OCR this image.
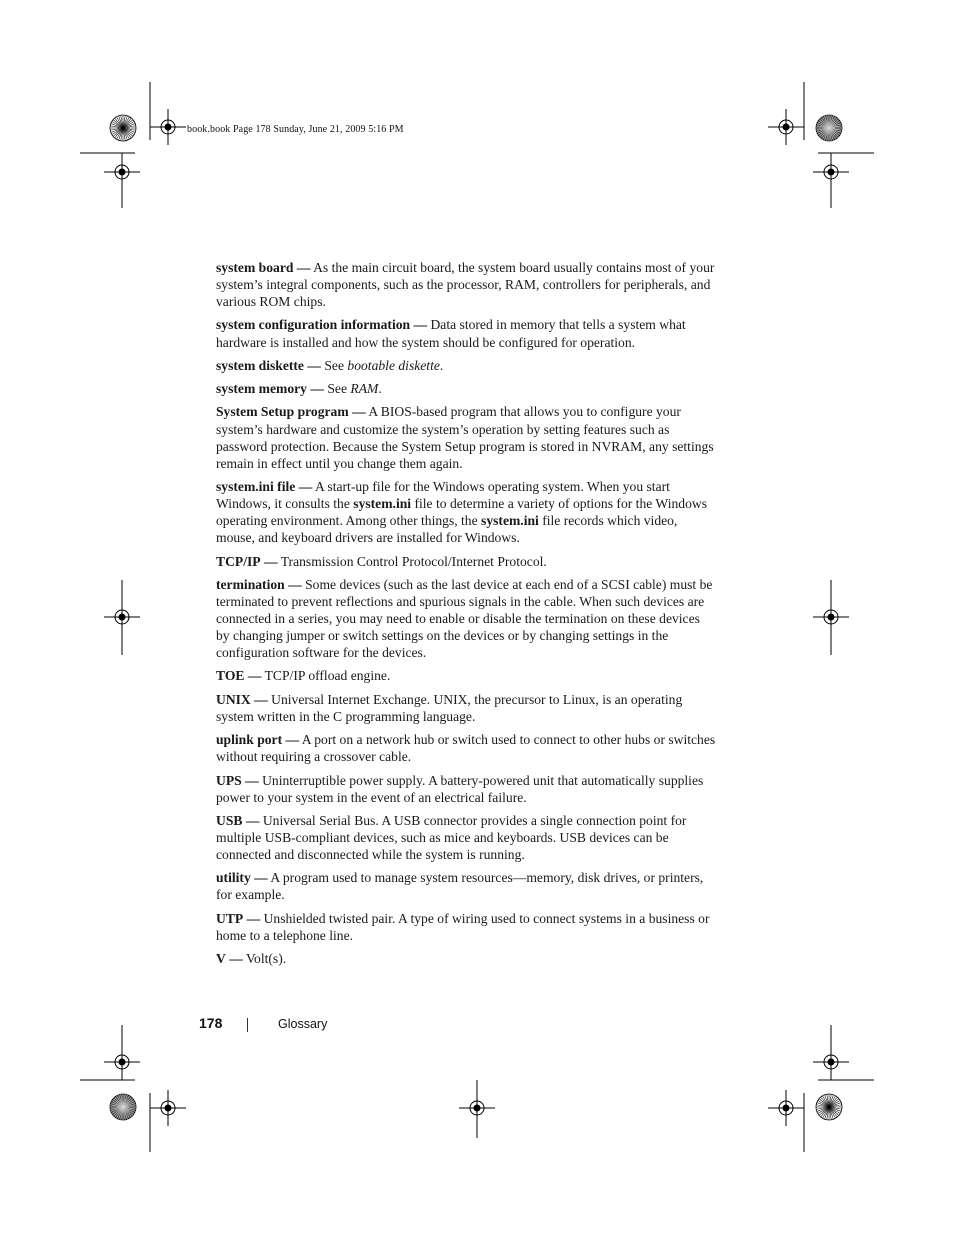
book.book Page 178 Sunday, June 21, 2009 5:16 PM

system board — As the main circuit board, the system board usually contains most of your system’s integral components, such as the processor, RAM, controllers for peripherals, and various ROM chips.

system configuration information — Data stored in memory that tells a system what hardware is installed and how the system should be configured for operation.

system diskette — See bootable diskette.

system memory — See RAM.

System Setup program — A BIOS-based program that allows you to configure your system’s hardware and customize the system’s operation by setting features such as password protection. Because the System Setup program is stored in NVRAM, any settings remain in effect until you change them again.

system.ini file — A start-up file for the Windows operating system. When you start Windows, it consults the system.ini file to determine a variety of options for the Windows operating environment. Among other things, the system.ini file records which video, mouse, and keyboard drivers are installed for Windows.

TCP/IP — Transmission Control Protocol/Internet Protocol.

termination — Some devices (such as the last device at each end of a SCSI cable) must be terminated to prevent reflections and spurious signals in the cable. When such devices are connected in a series, you may need to enable or disable the termination on these devices by changing jumper or switch settings on the devices or by changing settings in the configuration software for the devices.

TOE — TCP/IP offload engine.

UNIX — Universal Internet Exchange. UNIX, the precursor to Linux, is an operating system written in the C programming language.

uplink port — A port on a network hub or switch used to connect to other hubs or switches without requiring a crossover cable.

UPS — Uninterruptible power supply. A battery-powered unit that automatically supplies power to your system in the event of an electrical failure.

USB — Universal Serial Bus. A USB connector provides a single connection point for multiple USB-compliant devices, such as mice and keyboards. USB devices can be connected and disconnected while the system is running.

utility — A program used to manage system resources—memory, disk drives, or printers, for example.

UTP — Unshielded twisted pair. A type of wiring used to connect systems in a business or home to a telephone line.

V — Volt(s).

178	Glossary
